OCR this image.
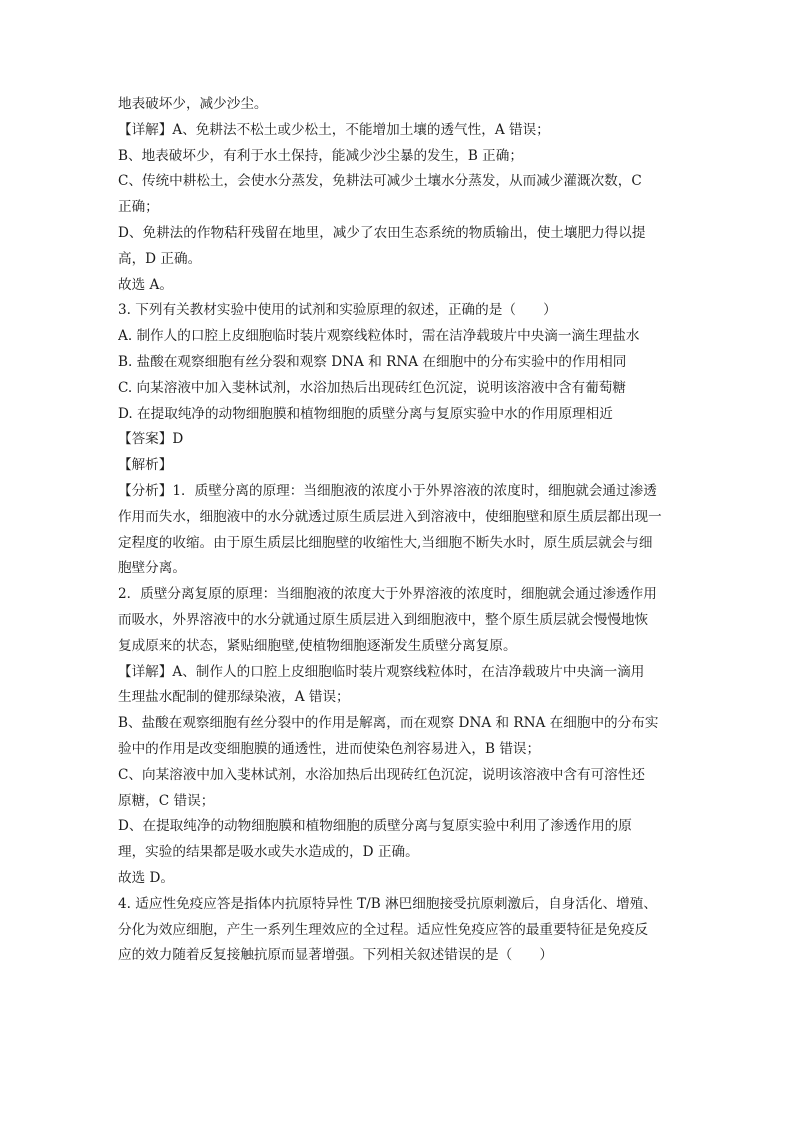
地表破坏少，减少沙尘。
【详解】A、免耕法不松土或少松土，不能增加土壤的透气性，A 错误；
B、地表破坏少，有利于水土保持，能减少沙尘暴的发生，B 正确；
C、传统中耕松土，会使水分蒸发，免耕法可减少土壤水分蒸发，从而减少灌溉次数，C
正确；
D、免耕法的作物秸秆残留在地里，减少了农田生态系统的物质输出，使土壤肥力得以提
高，D 正确。
故选 A。
3. 下列有关教材实验中使用的试剂和实验原理的叙述，正确的是（　　）
A. 制作人的口腔上皮细胞临时装片观察线粒体时，需在洁净载玻片中央滴一滴生理盐水
B. 盐酸在观察细胞有丝分裂和观察 DNA 和 RNA 在细胞中的分布实验中的作用相同
C. 向某溶液中加入斐林试剂，水浴加热后出现砖红色沉淀，说明该溶液中含有葡萄糖
D. 在提取纯净的动物细胞膜和植物细胞的质壁分离与复原实验中水的作用原理相近
【答案】D
【解析】
【分析】1．质壁分离的原理：当细胞液的浓度小于外界溶液的浓度时，细胞就会通过渗透
作用而失水，细胞液中的水分就透过原生质层进入到溶液中，使细胞壁和原生质层都出现一
定程度的收缩。由于原生质层比细胞壁的收缩性大,当细胞不断失水时，原生质层就会与细
胞壁分离。
2．质壁分离复原的原理：当细胞液的浓度大于外界溶液的浓度时，细胞就会通过渗透作用
而吸水，外界溶液中的水分就通过原生质层进入到细胞液中，整个原生质层就会慢慢地恢
复成原来的状态，紧贴细胞壁,使植物细胞逐渐发生质壁分离复原。
【详解】A、制作人的口腔上皮细胞临时装片观察线粒体时，在洁净载玻片中央滴一滴用
生理盐水配制的健那绿染液，A 错误；
B、盐酸在观察细胞有丝分裂中的作用是解离，而在观察 DNA 和 RNA 在细胞中的分布实
验中的作用是改变细胞膜的通透性，进而使染色剂容易进入，B 错误；
C、向某溶液中加入斐林试剂，水浴加热后出现砖红色沉淀，说明该溶液中含有可溶性还
原糖，C 错误；
D、在提取纯净的动物细胞膜和植物细胞的质壁分离与复原实验中利用了渗透作用的原
理，实验的结果都是吸水或失水造成的，D 正确。
故选 D。
4. 适应性免疫应答是指体内抗原特异性 T/B 淋巴细胞接受抗原刺激后，自身活化、增殖、
分化为效应细胞，产生一系列生理效应的全过程。适应性免疫应答的最重要特征是免疫反
应的效力随着反复接触抗原而显著增强。下列相关叙述错误的是（　　）
